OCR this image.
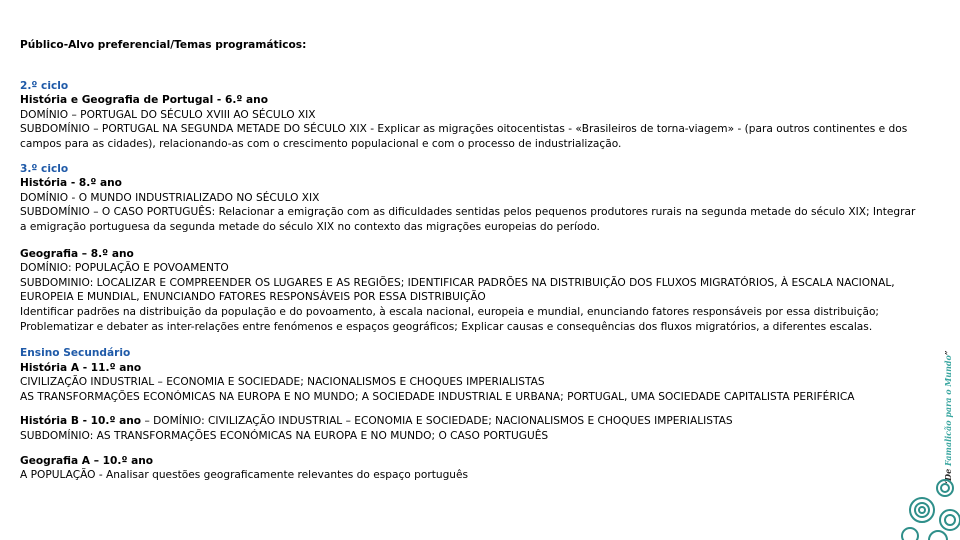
Público-Alvo preferencial/Temas programáticos:
2.º ciclo
História e Geografia de Portugal - 6.º ano
DOMÍNIO – PORTUGAL DO SÉCULO XVIII AO SÉCULO XIX
SUBDOMÍNIO – PORTUGAL NA SEGUNDA METADE DO SÉCULO XIX - Explicar as migrações oitocentistas - «Brasileiros de torna-viagem» - (para outros continentes e dos campos para as cidades), relacionando-as com o crescimento populacional e com o processo de industrialização.
3.º ciclo
História - 8.º ano
DOMÍNIO - O MUNDO INDUSTRIALIZADO NO SÉCULO XIX
SUBDOMÍNIO – O CASO PORTUGUÊS: Relacionar a emigração com as dificuldades sentidas pelos pequenos produtores rurais na segunda metade do século XIX; Integrar a emigração portuguesa da segunda metade do século XIX no contexto das migrações europeias do período.
Geografia – 8.º ano
DOMÍNIO: POPULAÇÃO E POVOAMENTO
SUBDOMINIO: LOCALIZAR E COMPREENDER OS LUGARES E AS REGIÕES; IDENTIFICAR PADRÕES NA DISTRIBUIÇÃO DOS FLUXOS MIGRATÓRIOS, À ESCALA NACIONAL, EUROPEIA E MUNDIAL, ENUNCIANDO FATORES RESPONSÁVEIS POR ESSA DISTRIBUIÇÃO
Identificar padrões na distribuição da população e do povoamento, à escala nacional, europeia e mundial, enunciando fatores responsáveis por essa distribuição; Problematizar e debater as inter-relações entre fenómenos e espaços geográficos; Explicar causas e consequências dos fluxos migratórios, a diferentes escalas.
Ensino Secundário
História A - 11.º ano
CIVILIZAÇÃO INDUSTRIAL – ECONOMIA E SOCIEDADE; NACIONALISMOS E CHOQUES IMPERIALISTAS
AS TRANSFORMAÇÕES ECONÓMICAS NA EUROPA E NO MUNDO; A SOCIEDADE INDUSTRIAL E URBANA; PORTUGAL, UMA SOCIEDADE CAPITALISTA PERIFÉRICA
História B - 10.º ano – DOMÍNIO: CIVILIZAÇÃO INDUSTRIAL – ECONOMIA E SOCIEDADE; NACIONALISMOS E CHOQUES IMPERIALISTAS
SUBDOMÍNIO: AS TRANSFORMAÇÕES ECONÓMICAS NA EUROPA E NO MUNDO; O CASO PORTUGUÊS
Geografia A – 10.º ano
A POPULAÇÃO - Analisar questões geograficamente relevantes do espaço português	“De Famalicão para o Mundo”
